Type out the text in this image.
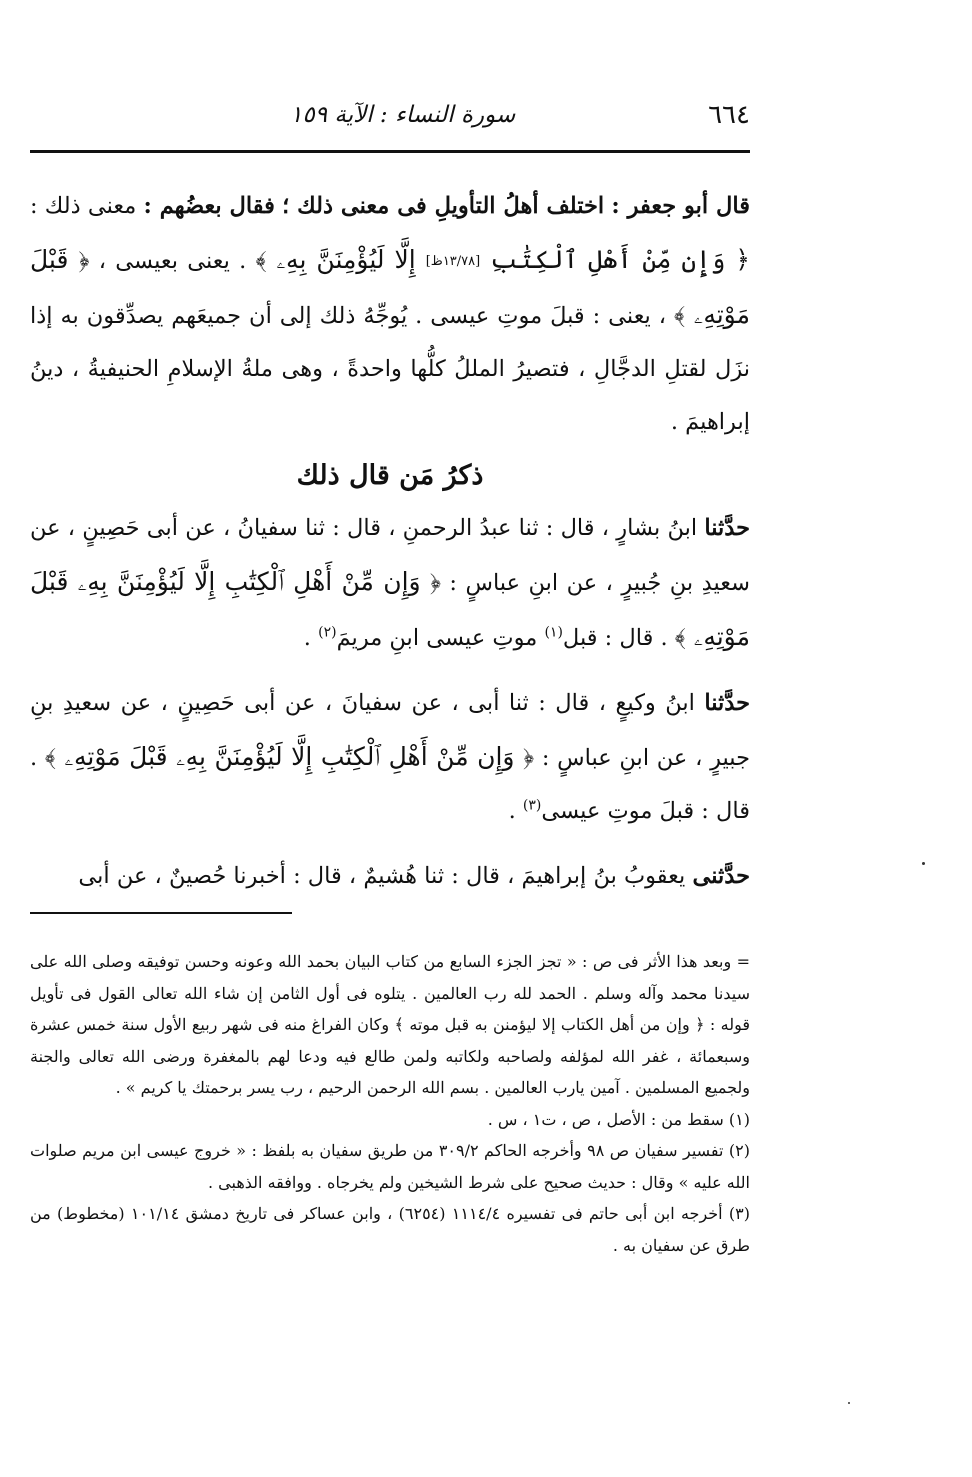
٦٦٤
سورة النساء : الآية ١٥٩

قال أبو جعفر : اختلف أهلُ التأويلِ فى معنى ذلك ؛ فقال بعضُهم : معنى ذلك : ﴿ وَإِن مِّنْ أَهْلِ ٱلْكِتَٰبِ [١٣/٧٨ظ] إِلَّا لَيُؤْمِنَنَّ بِهِۦ ﴾ . يعنى بعيسى ، ﴿ قَبْلَ مَوْتِهِۦ ﴾ ، يعنى : قبلَ موتِ عيسى . يُوجِّهُ ذلك إلى أن جميعَهم يصدِّقون به إذا نزَل لقتلِ الدجَّالِ ، فتصيرُ المللُ كلُّها واحدةً ، وهى ملةُ الإسلامِ الحنيفيةُ ، دينُ إبراهيمَ .

ذكرُ مَن قال ذلك

حدَّثنا ابنُ بشارٍ ، قال : ثنا عبدُ الرحمنِ ، قال : ثنا سفيانُ ، عن أبى حَصِينٍ ، عن سعيدِ بنِ جُبيرٍ ، عن ابنِ عباسٍ : ﴿ وَإِن مِّنْ أَهْلِ ٱلْكِتَٰبِ إِلَّا لَيُؤْمِنَنَّ بِهِۦ قَبْلَ مَوْتِهِۦ ﴾ . قال : قبل$^{(١)}$ موتِ عيسى ابنِ مريمَ$^{(٢)}$ .

حدَّثنا ابنُ وكيعٍ ، قال : ثنا أبى ، عن سفيانَ ، عن أبى حَصِينٍ ، عن سعيدِ بنِ جبيرٍ ، عن ابنِ عباسٍ : ﴿ وَإِن مِّنْ أَهْلِ ٱلْكِتَٰبِ إِلَّا لَيُؤْمِنَنَّ بِهِۦ قَبْلَ مَوْتِهِۦ ﴾ . قال : قبلَ موتِ عيسى$^{(٣)}$ .

حدَّثنى يعقوبُ بنُ إبراهيمَ ، قال : ثنا هُشيمٌ ، قال : أخبرنا حُصينٌ ، عن أبى

= وبعد هذا الأثر فى ص : « تجز الجزء السابع من كتاب البيان بحمد الله وعونه وحسن توفيقه وصلى الله على سيدنا محمد وآله وسلم . الحمد لله رب العالمين . يتلوه فى أول الثامن إن شاء الله تعالى القول فى تأويل قوله : ﴿ وإن من أهل الكتاب إلا ليؤمنن به قبل موته ﴾ وكان الفراغ منه فى شهر ربيع الأول سنة خمس عشرة وسبعمائة ، غفر الله لمؤلفه ولصاحبه ولكاتبه ولمن طالع فيه ودعا لهم بالمغفرة ورضى الله تعالى والجنة ولجميع المسلمين . آمين يارب العالمين . بسم الله الرحمن الرحيم ، رب يسر برحمتك يا كريم » .

(١) سقط من : الأصل ، ص ، ت١ ، س .

(٢) تفسير سفيان ص ٩٨ وأخرجه الحاكم ٣٠٩/٢ من طريق سفيان به بلفظ : « خروج عيسى ابن مريم صلوات الله عليه » وقال : حديث صحيح على شرط الشيخين ولم يخرجاه . ووافقه الذهبى .

(٣) أخرجه ابن أبى حاتم فى تفسيره ١١١٤/٤ (٦٢٥٤) ، وابن عساكر فى تاريخ دمشق ١٠١/١٤ (مخطوط) من طرق عن سفيان به .
